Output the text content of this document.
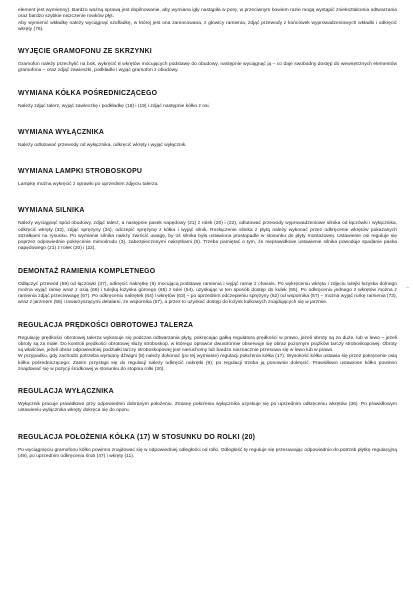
element jest wymienny). Bardzo ważną sprawą jest dopilnowanie, aby wymiana igły nastąpiła w porę, w przeciwnym bowiem razie mogą wystąpić zniekształcenia odtwarzania oraz bardzo szybkie niszczenie rowków płyt.

Aby wymienić wkładkę należy wyciągnąć szufladkę, w której jest ona zamocowana, z głowicy ramienia, zdjąć przewody z końcówek wyprowadzeniowych wkładki i odkręcić wkręty (76).

WYJĘCIE GRAMOFONU ZE SKRZYNKI

Gramofon należy przechylić na bok, wykręcić 8 wkrętów mocujących podstawę do obudowy, następnie wyciągnąć ją – co daje swobodny dostęp do wewnętrznych elementów gramofonu – oraz zdjąć zawieszki, podkładki i wyjąć gramofon z obudowy.

WYMIANA KÓŁKA POŚREDNICZĄCEGO

Należy zdjąć talerz, wyjąć zawleczkę i podkładkę (18) i (19) i zdjąć następnie kółko z osi.

WYMIANA WYŁĄCZNIKA

Należy odlutować przewody od wyłącznika, odkręcić wkręty i wyjąć wyłącznik.

WYMIANA LAMPKI STROBOSKOPU

Lampkę można wykręcić z oprawki po uprzednim zdjęciu talerza.

WYMIANA SILNIKA

Należy wyciągnąć spód obudowy, zdjąć talerz, a następnie pasek napędowy (21) z rolek (20) i (22), odlutować przewody wyprowadzeniowe silnika od łączówki i wyłącznika, odkręcić wkręty (32), zdjąć sprężyny (34), odczepić sprężynę z kółka i wyjąć silnik. Rozłączenie silnika z płytą należy wykonać przez odkręcenie wkrętów pokazanych strzałkami na rysunku. Po wymianie silnika należy zwrócić uwagę, by oś silnika była ustawiona prostopadle w stosunku do płyty montażowej. Ustawienie osi reguluje się poprzez odpowiednie pokręcenie mimośrodu (3), zabezpieczonymi nakrętkami (5). Trzeba pamiętać o tym, że nieprawidłowe ustawienie silnika powoduje spadanie paska napędowego (21) z rolek (20) i (22).

DEMONTAŻ RAMIENIA KOMPLETNEGO

Odłączyć przewód (69) od łączówki (37), odkręcić nakrętkę (6) mocującą podstawę ramienia i wyjąć ramię z chassis. Po wykręceniu wkręta i zdjęciu tulejki łożyska dolnego można wyjąć ramię wraz z osią (66) i tulejką łożyska górnego (65) z tulei (54), uzyskując w ten sposób dostęp do kulek (55). Po odkręceniu jednego z wkrętów można z ramienia zdjąć przeciwwagę (67). Po odkręceniu nakrętek (64) i wkrętów (63) – po uprzednim odczepieniu sprężyny (62) od wspornika (57) – można wyjąć rurkę ramienia (73), wraz z jarzmem (56) i towarzyszącymi detalami, ze wspornika (57), a przez to uzyskać dostęp do łożysk kulkowych znajdujących się w jarzmie.

REGULACJA PRĘDKOŚCI OBROTOWEJ TALERZA

Regulację prędkości obrotowej talerza wykonuje się podczas odtwarzania płyty, pokręcając gałką regulatora prędkości w prawo, jeżeli obroty są za duże, lub w lewo – jeżeli obroty są za małe. Do kontroli prędkości obrotowej służy stroboskop, w którego oprawce dwustronnie obserwuje się obraz pozornym prążków tarczy stroboskopowej. Obroty są właściwe, jeżeli obraz odpowiedniej podziałki tarczy stroboskopowej jest nieruchomy lub bardzo nieznacznie przesuwa się w lewo lub w prawo.

W przypadku, gdy zachodzi potrzeba wymiany dźwigni (8) należy dokonać (po tej wymianie) regulacji położenia kółka (17). Wysokość kółka ustawia się przez pokręcenie osią kółka pośredniczącego. Zanim przystąpi się do regulacji należy odkręcić nakrętki (9); po regulacji trzeba ją ponownie dokręcić. Prawidłowo ustawione kółko powinno znajdować się w pozycji środkowej w stosunku do stopnia rolki (20).

REGULACJA WYŁĄCZNIKA

Wyłącznik pracuje prawidłowo przy odpowiednio dobranym położeniu. Zmianę położenia wyłącznika uzyskuje się po uprzednim odkręceniu wkrętów (36). Po prawidłowym ustawieniu wyłącznika wkręty dokręca się do oporu.

REGULACJA POŁOŻENIA KÓŁKA (17) W STOSUNKU DO ROLKI (20)

Po wyciągnięciu gramofonu kółko powinno znajdować się w odpowiedniej odległości od rolki. Odległość tę reguluje się przesuwając odpowiednio do potrzeb płytkę regulacyjną (49), po uprzednim odkręceniu śrub (47) i wkręty (11).

–
